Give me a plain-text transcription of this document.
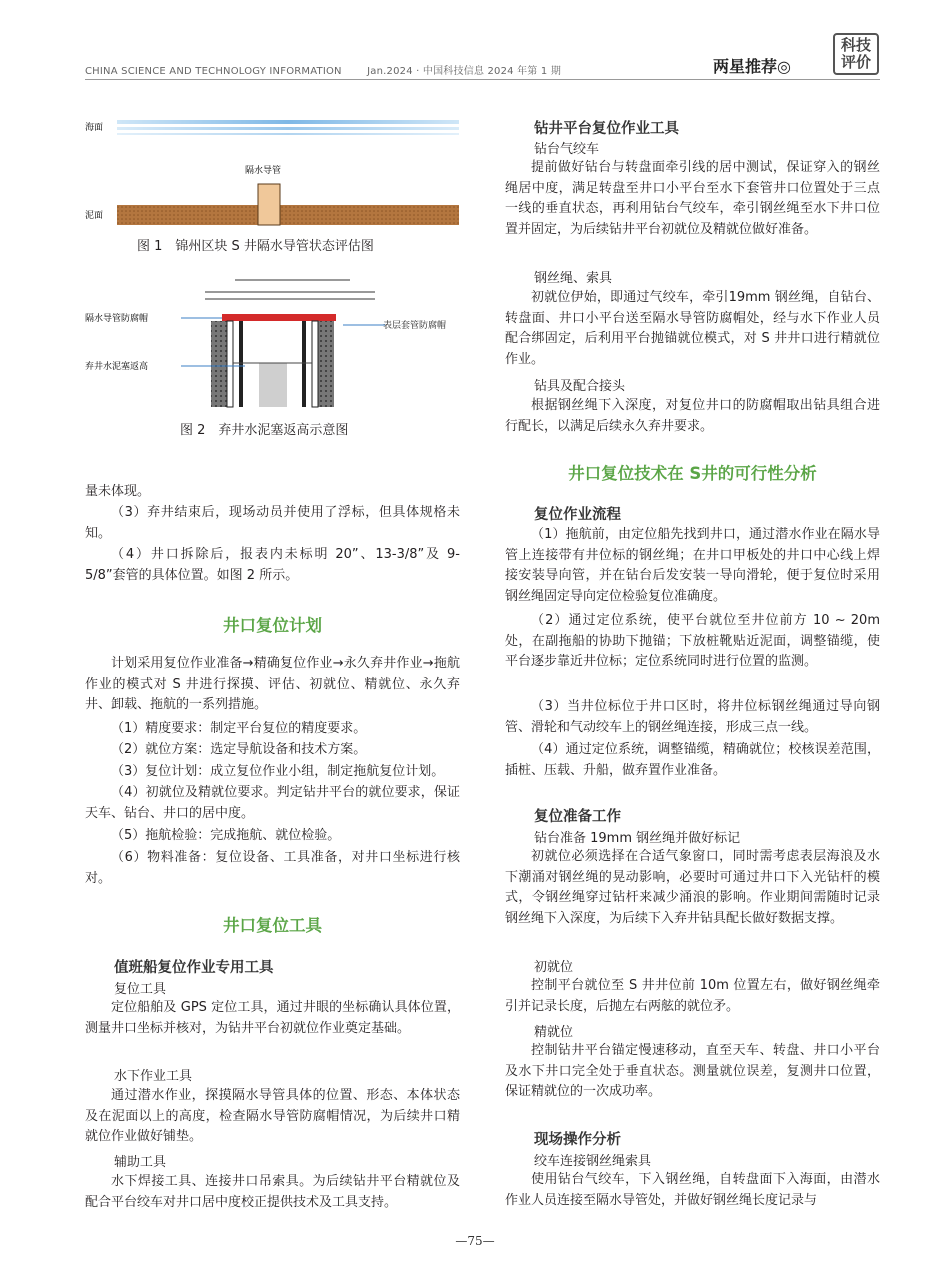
CHINA SCIENCE AND TECHNOLOGY INFORMATION	Jan.2024 · 中国科技信息 2024 年第 1 期	两星推荐◎
科技
评价
海面
隔水导管
泥面
图 1　锦州区块 S 井隔水导管状态评估图
隔水导管防腐帽
弃井水泥塞返高
表层套管防腐帽
图 2　弃井水泥塞返高示意图

量未体现。

（3）弃井结束后，现场动员并使用了浮标，但具体规格未知。

（4）井口拆除后，报表内未标明 20”、13-3/8”及 9-5/8”套管的具体位置。如图 2 所示。

井口复位计划

计划采用复位作业准备→精确复位作业→永久弃井作业→拖航作业的模式对 S 井进行探摸、评估、初就位、精就位、永久弃井、卸载、拖航的一系列措施。

（1）精度要求：制定平台复位的精度要求。

（2）就位方案：选定导航设备和技术方案。

（3）复位计划：成立复位作业小组，制定拖航复位计划。

（4）初就位及精就位要求。判定钻井平台的就位要求，保证天车、钻台、井口的居中度。

（5）拖航检验：完成拖航、就位检验。

（6）物料准备：复位设备、工具准备，对井口坐标进行核对。

井口复位工具
值班船复位作业专用工具
复位工具

定位船舶及 GPS 定位工具，通过井眼的坐标确认具体位置，测量井口坐标并核对，为钻井平台初就位作业奠定基础。

水下作业工具

通过潜水作业，探摸隔水导管具体的位置、形态、本体状态及在泥面以上的高度，检查隔水导管防腐帽情况，为后续井口精就位作业做好铺垫。

辅助工具

水下焊接工具、连接井口吊索具。为后续钻井平台精就位及配合平台绞车对井口居中度校正提供技术及工具支持。

钻井平台复位作业工具
钻台气绞车

提前做好钻台与转盘面牵引线的居中测试，保证穿入的钢丝绳居中度，满足转盘至井口小平台至水下套管井口位置处于三点一线的垂直状态，再利用钻台气绞车，牵引钢丝绳至水下井口位置并固定，为后续钻井平台初就位及精就位做好准备。

钢丝绳、索具

初就位伊始，即通过气绞车，牵引19mm 钢丝绳，自钻台、转盘面、井口小平台送至隔水导管防腐帽处，经与水下作业人员配合绑固定，后利用平台抛锚就位模式，对 S 井井口进行精就位作业。

钻具及配合接头

根据钢丝绳下入深度，对复位井口的防腐帽取出钻具组合进行配长，以满足后续永久弃井要求。

井口复位技术在 S井的可行性分析
复位作业流程

（1）拖航前，由定位船先找到井口，通过潜水作业在隔水导管上连接带有井位标的钢丝绳；在井口甲板处的井口中心线上焊接安装导向管，并在钻台后发安装一导向滑轮，便于复位时采用钢丝绳固定导向定位检验复位准确度。

（2）通过定位系统，使平台就位至井位前方 10 ~ 20m 处，在副拖船的协助下抛锚；下放桩靴贴近泥面，调整锚缆，使平台逐步靠近井位标；定位系统同时进行位置的监测。

（3）当井位标位于井口区时，将井位标钢丝绳通过导向钢管、滑轮和气动绞车上的钢丝绳连接，形成三点一线。

（4）通过定位系统，调整锚缆，精确就位；校核误差范围，插桩、压载、升船，做弃置作业准备。

复位准备工作
钻台准备 19mm 钢丝绳并做好标记

初就位必须选择在合适气象窗口，同时需考虑表层海浪及水下潮涌对钢丝绳的晃动影响，必要时可通过井口下入光钻杆的模式，令钢丝绳穿过钻杆来减少涌浪的影响。作业期间需随时记录钢丝绳下入深度，为后续下入弃井钻具配长做好数据支撑。

初就位

控制平台就位至 S 井井位前 10m 位置左右，做好钢丝绳牵引并记录长度，后抛左右两舷的就位矛。

精就位

控制钻井平台锚定慢速移动，直至天车、转盘、井口小平台及水下井口完全处于垂直状态。测量就位误差，复测井口位置，保证精就位的一次成功率。

现场操作分析
绞车连接钢丝绳索具

使用钻台气绞车，下入钢丝绳，自转盘面下入海面，由潜水作业人员连接至隔水导管处，并做好钢丝绳长度记录与

—75—
